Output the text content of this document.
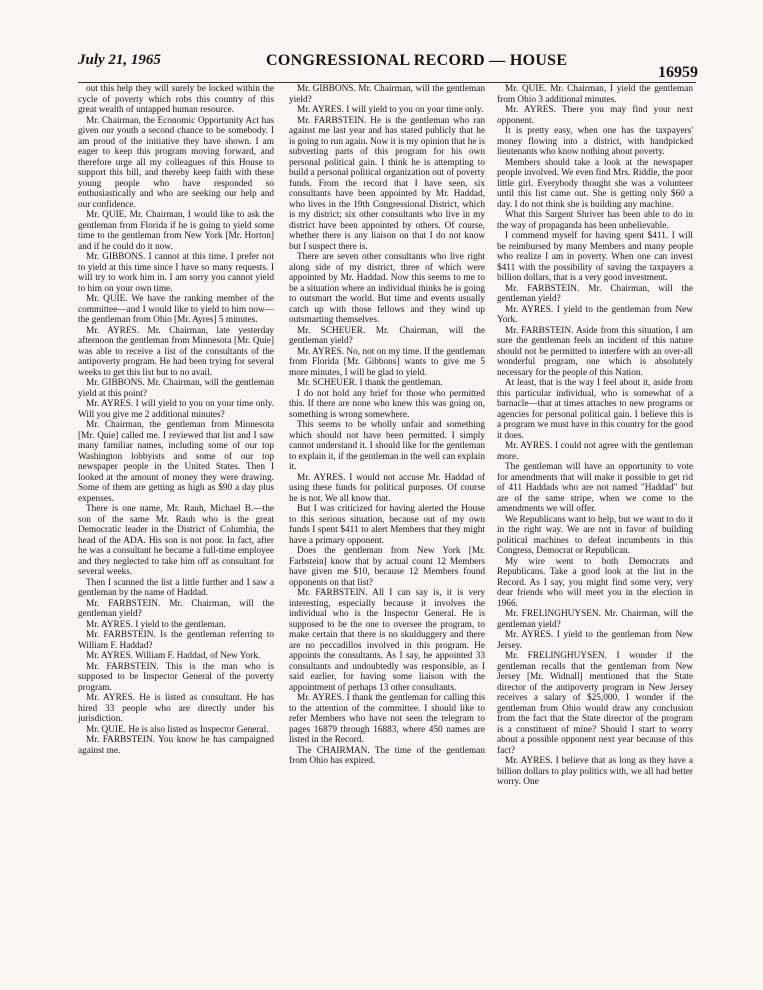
July 21, 1965	CONGRESSIONAL RECORD — HOUSE
16959

out this help they will surely be locked within the cycle of poverty which robs this country of this great wealth of untapped human resource.

Mr. Chairman, the Economic Opportunity Act has given our youth a second chance to be somebody. I am proud of the initiative they have shown. I am eager to keep this program moving forward, and therefore urge all my colleagues of this House to support this bill, and thereby keep faith with these young people who have responded so enthusiastically and who are seeking our help and our confidence.

Mr. QUIE. Mr. Chairman, I would like to ask the gentleman from Florida if he is going to yield some time to the gentleman from New York [Mr. Horton] and if he could do it now.

Mr. GIBBONS. I cannot at this time. I prefer not to yield at this time since I have so many requests. I will try to work him in. I am sorry you cannot yield to him on your own time.

Mr. QUIE. We have the ranking member of the committee—and I would like to yield to him now—the gentleman from Ohio [Mr. Ayres] 5 minutes.

Mr. AYRES. Mr. Chairman, late yesterday afternoon the gentleman from Minnesota [Mr. Quie] was able to receive a list of the consultants of the antipoverty program. He had been trying for several weeks to get this list but to no avail.

Mr. GIBBONS. Mr. Chairman, will the gentleman yield at this point?

Mr. AYRES. I will yield to you on your time only. Will you give me 2 additional minutes?

Mr. Chairman, the gentleman from Minnesota [Mr. Quie] called me. I reviewed that list and I saw many familiar names, including some of our top Washington lobbyists and some of our top newspaper people in the United States. Then I looked at the amount of money they were drawing. Some of them are getting as high as $90 a day plus expenses.

There is one name, Mr. Rauh, Michael B.—the son of the same Mr. Rauh who is the great Democratic leader in the District of Columbia, the head of the ADA. His son is not poor. In fact, after he was a consultant he became a full-time employee and they neglected to take him off as consultant for several weeks.

Then I scanned the list a little further and I saw a gentleman by the name of Haddad.

Mr. FARBSTEIN. Mr. Chairman, will the gentleman yield?

Mr. AYRES. I yield to the gentleman.

Mr. FARBSTEIN. Is the gentleman referring to William F. Haddad?

Mr. AYRES. William F. Haddad, of New York.

Mr. FARBSTEIN. This is the man who is supposed to be Inspector General of the poverty program.

Mr. AYRES. He is listed as consultant. He has hired 33 people who are directly under his jurisdiction.

Mr. QUIE. He is also listed as Inspector General.

Mr. FARBSTEIN. You know he has campaigned against me.

Mr. GIBBONS. Mr. Chairman, will the gentleman yield?

Mr. AYRES. I will yield to you on your time only.

Mr. FARBSTEIN. He is the gentleman who ran against me last year and has stated publicly that he is going to run again. Now it is my opinion that he is subverting parts of this program for his own personal political gain. I think he is attempting to build a personal political organization out of poverty funds. From the record that I have seen, six consultants have been appointed by Mr. Haddad, who lives in the 19th Congressional District, which is my district; six other consultants who live in my district have been appointed by others. Of course, whether there is any liaison on that I do not know but I suspect there is.

There are seven other consultants who live right along side of my district, three of which were appointed by Mr. Haddad. Now this seems to me to be a situation where an individual thinks he is going to outsmart the world. But time and events usually catch up with those fellows and they wind up outsmarting themselves.

Mr. SCHEUER. Mr. Chairman, will the gentleman yield?

Mr. AYRES. No, not on my time. If the gentleman from Florida [Mr. Gibbons] wants to give me 5 more minutes, I will be glad to yield.

Mr. SCHEUER. I thank the gentleman.

I do not hold any brief for those who permitted this. If there are none who knew this was going on, something is wrong somewhere.

This seems to be wholly unfair and something which should not have been permitted. I simply cannot understand it. I should like for the gentleman to explain it, if the gentleman in the well can explain it.

Mr. AYRES. I would not accuse Mr. Haddad of using these funds for political purposes. Of course he is not. We all know that.

But I was criticized for having alerted the House to this serious situation, because out of my own funds I spent $411 to alert Members that they might have a primary opponent.

Does the gentleman from New York [Mr. Farbstein] know that by actual count 12 Members have given me $10, because 12 Members found opponents on that list?

Mr. FARBSTEIN. All I can say is, it is very interesting, especially because it involves the individual who is the Inspector General. He is supposed to be the one to oversee the program, to make certain that there is no skulduggery and there are no peccadillos involved in this program. He appoints the consultants. As I say, he appointed 33 consultants and undoubtedly was responsible, as I said earlier, for having some liaison with the appointment of perhaps 13 other consultants.

Mr. AYRES. I thank the gentleman for calling this to the attention of the committee. I should like to refer Members who have not seen the telegram to pages 16879 through 16883, where 450 names are listed in the Record.

The CHAIRMAN. The time of the gentleman from Ohio has expired.

Mr. QUIE. Mr. Chairman, I yield the gentleman from Ohio 3 additional minutes.

Mr. AYRES. There you may find your next opponent.

It is pretty easy, when one has the taxpayers' money flowing into a district, with handpicked lieutenants who know nothing about poverty.

Members should take a look at the newspaper people involved. We even find Mrs. Riddle, the poor little girl. Everybody thought she was a volunteer until this list came out. She is getting only $60 a day. I do not think she is building any machine.

What this Sargent Shriver has been able to do in the way of propaganda has been unbelievable.

I commend myself for having spent $411. I will be reimbursed by many Members and many people who realize I am in poverty. When one can invest $411 with the possibility of saving the taxpayers a billion dollars, that is a very good investment.

Mr. FARBSTEIN. Mr. Chairman, will the gentleman yield?

Mr. AYRES. I yield to the gentleman from New York.

Mr. FARBSTEIN. Aside from this situation, I am sure the gentleman feels an incident of this nature should not be permitted to interfere with an over-all wonderful program, one which is absolutely necessary for the people of this Nation.

At least, that is the way I feel about it, aside from this particular individual, who is somewhat of a barnacle—that at times attaches to new programs or agencies for personal political gain. I believe this is a program we must have in this country for the good it does.

Mr. AYRES. I could not agree with the gentleman more.

The gentleman will have an opportunity to vote for amendments that will make it possible to get rid of 411 Haddads who are not named "Haddad" but are of the same stripe, when we come to the amendments we will offer.

We Republicans want to help, but we want to do it in the right way. We are not in favor of building political machines to defeat incumbents in this Congress, Democrat or Republican.

My wire went to both Democrats and Republicans. Take a good look at the list in the Record. As I say, you might find some very, very dear friends who will meet you in the election in 1966.

Mr. FRELINGHUYSEN. Mr. Chairman, will the gentleman yield?

Mr. AYRES. I yield to the gentleman from New Jersey.

Mr. FRELINGHUYSEN. I wonder if the gentleman recalls that the gentleman from New Jersey [Mr. Widnall] mentioned that the State director of the antipoverty program in New Jersey receives a salary of $25,000. I wonder if the gentleman from Ohio would draw any conclusion from the fact that the State director of the program is a constituent of mine? Should I start to worry about a possible opponent next year because of this fact?

Mr. AYRES. I believe that as long as they have a billion dollars to play politics with, we all had better worry. One
